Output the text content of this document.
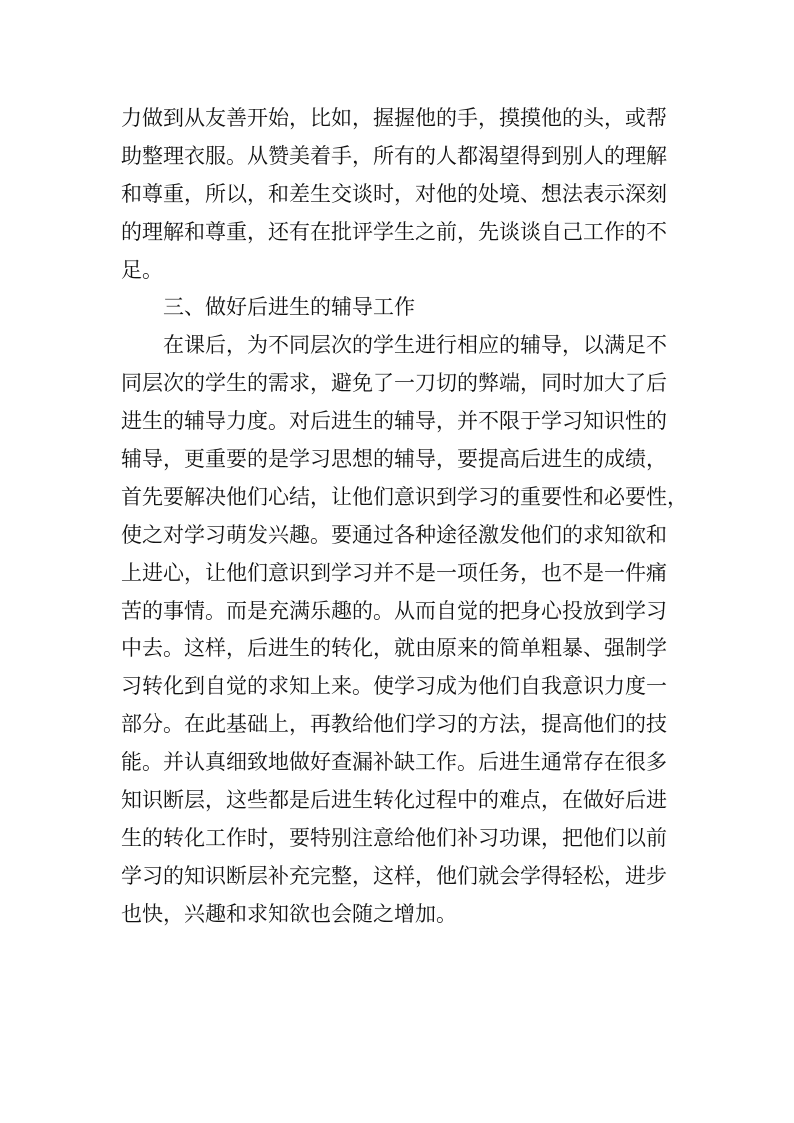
力做到从友善开始，比如，握握他的手，摸摸他的头，或帮
助整理衣服。从赞美着手，所有的人都渴望得到别人的理解
和尊重，所以，和差生交谈时，对他的处境、想法表示深刻
的理解和尊重，还有在批评学生之前，先谈谈自己工作的不
足。
三、做好后进生的辅导工作
在课后，为不同层次的学生进行相应的辅导，以满足不
同层次的学生的需求，避免了一刀切的弊端，同时加大了后
进生的辅导力度。对后进生的辅导，并不限于学习知识性的
辅导，更重要的是学习思想的辅导，要提高后进生的成绩，
首先要解决他们心结，让他们意识到学习的重要性和必要性，
使之对学习萌发兴趣。要通过各种途径激发他们的求知欲和
上进心，让他们意识到学习并不是一项任务，也不是一件痛
苦的事情。而是充满乐趣的。从而自觉的把身心投放到学习
中去。这样，后进生的转化，就由原来的简单粗暴、强制学
习转化到自觉的求知上来。使学习成为他们自我意识力度一
部分。在此基础上，再教给他们学习的方法，提高他们的技
能。并认真细致地做好查漏补缺工作。后进生通常存在很多
知识断层，这些都是后进生转化过程中的难点，在做好后进
生的转化工作时，要特别注意给他们补习功课，把他们以前
学习的知识断层补充完整，这样，他们就会学得轻松，进步
也快，兴趣和求知欲也会随之增加。
